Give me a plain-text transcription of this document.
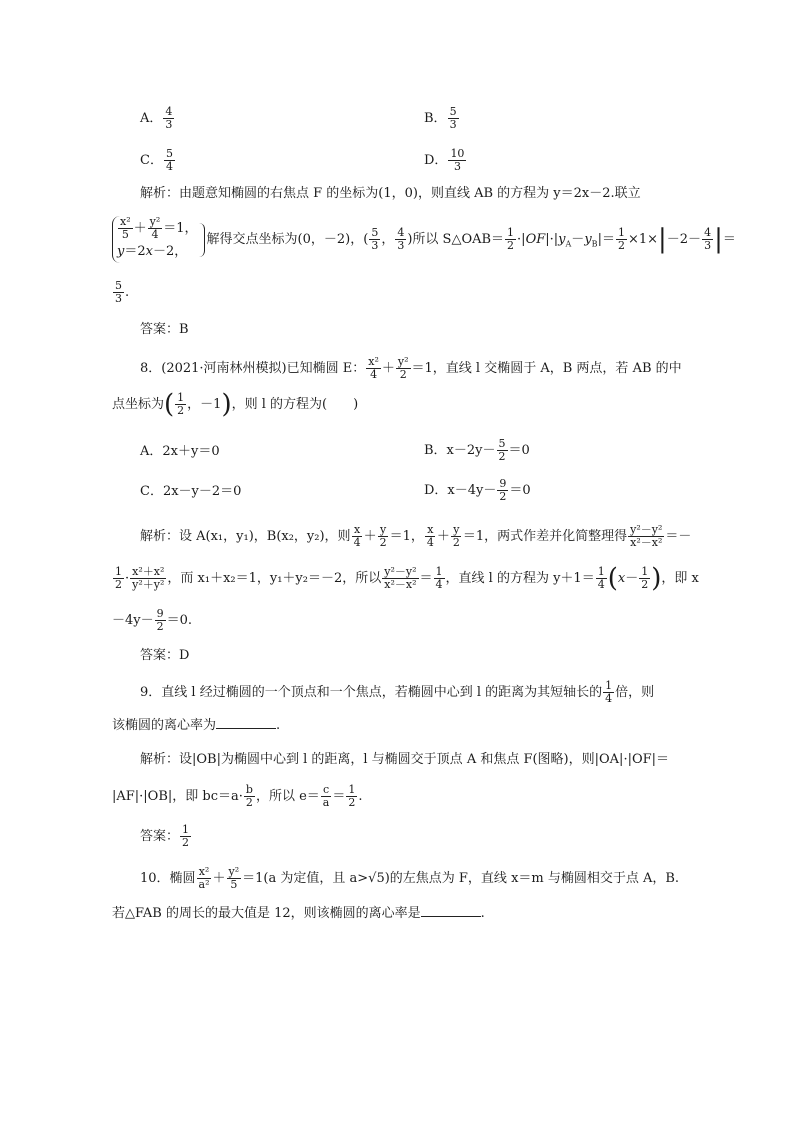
A． $\frac{4}{3}$	B． $\frac{5}{3}$
C． $\frac{5}{4}$	D． $\frac{10}{3}$
解析：由题意知椭圆的右焦点 F 的坐标为(1，0)，则直线 AB 的方程为 y＝2x－2.联立
$\frac{\text{x²}}{5} + \frac{\text{y²}}{4} =1$，
y＝2x－2，
解得交点坐标为(0，－2)，( $\frac{5}{3}$ ， $\frac{4}{3}$ )所以 S△OAB＝ $\frac{1}{2} \cdot|OF|\cdot|y_A-y_B|= \frac{1}{2} \times 1\times|-2- \frac{4}{3}$ |＝
$\frac{5}{3}$ .
答案：B
8．(2021·河南林州模拟)已知椭圆 E： $\frac{\text{x²}}{4} + \frac{\text{y²}}{2} =1$，直线 l 交椭圆于 A，B 两点，若 AB 的中
点坐标为( $\frac{1}{2}$ ，－1)，则 l 的方程为(　　)
A．2x＋y＝0	B．$x-2y- \frac{5}{2} =0$
C．2x－y－2＝0	D．$x-4y- \frac{9}{2} =0$
解析：设 A(x₁，y₁)，B(x₂，y₂)，则 $\frac{x}{4} + \frac{y}{2} =1$， $\frac{x}{4} + \frac{y}{2} =1$，两式作差并化简整理得 $\frac{\text{y²－y²}}{\text{x²－x²}}$ ＝－
$\frac{1}{2} \cdot \frac{\text{x²＋x²}}{\text{y²＋y²}}$ ，而 x₁＋x₂＝1，y₁＋y₂＝－2，所以 $\frac{\text{y²－y²}}{\text{x²－x²}} = \frac{1}{4}$ ，直线 l 的方程为 $y+1= \frac{1}{4} (x- \frac{1}{2}$ )，即 x
$-4y- \frac{9}{2} =0$.
答案：D
9．直线 l 经过椭圆的一个顶点和一个焦点，若椭圆中心到 l 的距离为其短轴长的 $\frac{1}{4}$ 倍，则
该椭圆的离心率为	.
解析：设|OB|为椭圆中心到 l 的距离，l 与椭圆交于顶点 A 和焦点 F(图略)，则|OA|·|OF|＝
|AF|·|OB|，即 $bc=a\cdot \frac{b}{2}$ ，所以 $e= \frac{c}{a} = \frac{1}{2}$ .
答案： $\frac{1}{2}$
10．椭圆 $\frac{\text{x²}}{\text{a²}} + \frac{\text{y²}}{5} =1(a$ 为定值，且 a>√5)的左焦点为 F，直线 x＝m 与椭圆相交于点 A，B.
若△FAB 的周长的最大值是 12，则该椭圆的离心率是	.
